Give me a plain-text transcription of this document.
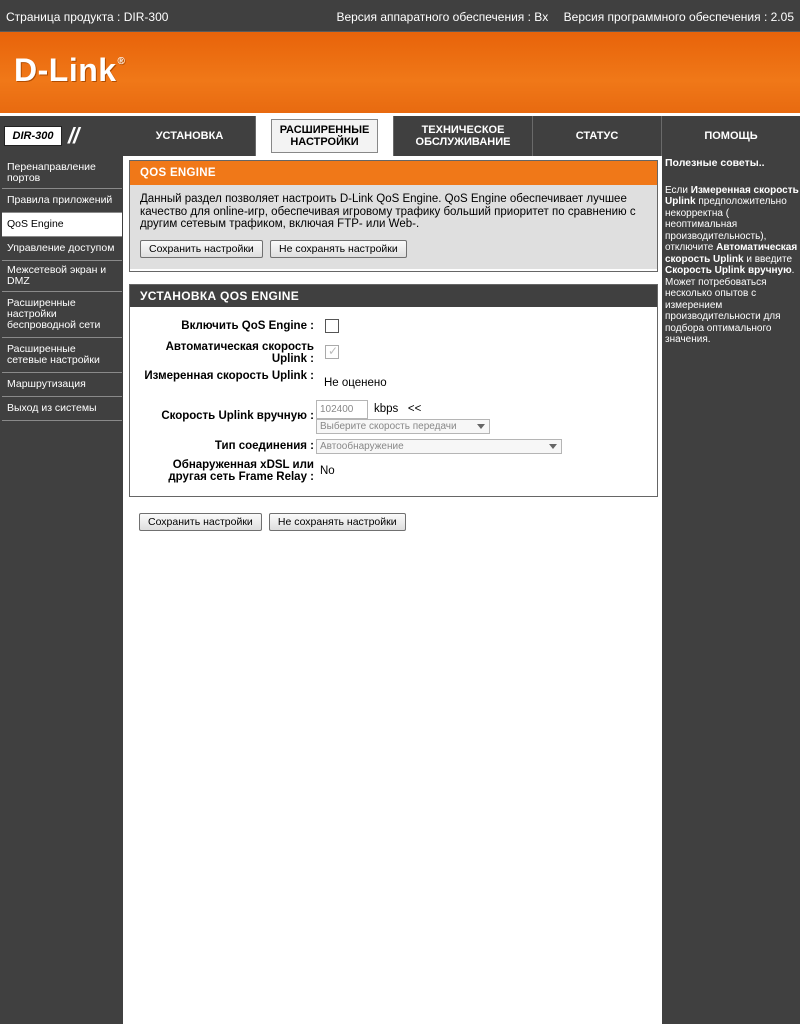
Страница продукта : DIR-300	Версия аппаратного обеспечения : Bx Версия программного обеспечения : 2.05
D-Link®
DIR-300 //	УСТАНОВКА	РАСШИРЕННЫЕ
НАСТРОЙКИ
ТЕХНИЧЕСКОЕ
ОБСЛУЖИВАНИЕ	СТАТУС	ПОМОЩЬ
Перенаправление портов
Правила приложений
QoS Engine
Управление доступом
Межсетевой экран и DMZ
Расширенные настройки беспроводной сети
Расширенные сетевые настройки
Маршрутизация
Выход из системы
QOS ENGINE
Данный раздел позволяет настроить D-Link QoS Engine. QoS Engine обеспечивает лучшее качество для online-игр, обеспечивая игровому трафику больший приоритет по сравнению с другим сетевым трафиком, включая FTP- или Web-.
Сохранить настройки Не сохранять настройки
УСТАНОВКА QOS ENGINE
Включить QoS Engine :
Автоматическая скорость Uplink :
✓
Измеренная скорость Uplink :
Не оценено
Скорость Uplink вручную :
102400	kbps <<
Выберите скорость передачи
Тип соединения : Автообнаружение
Обнаруженная xDSL или другая сеть Frame Relay : No
Сохранить настройки Не сохранять настройки
Полезные советы..
Если Измеренная скорость Uplink предположительно некорректна ( неоптимальная производительность), отключите Автоматическая скорость Uplink и введите Скорость Uplink вручную. Может потребоваться несколько опытов с измерением производительности для подбора оптимального значения.
